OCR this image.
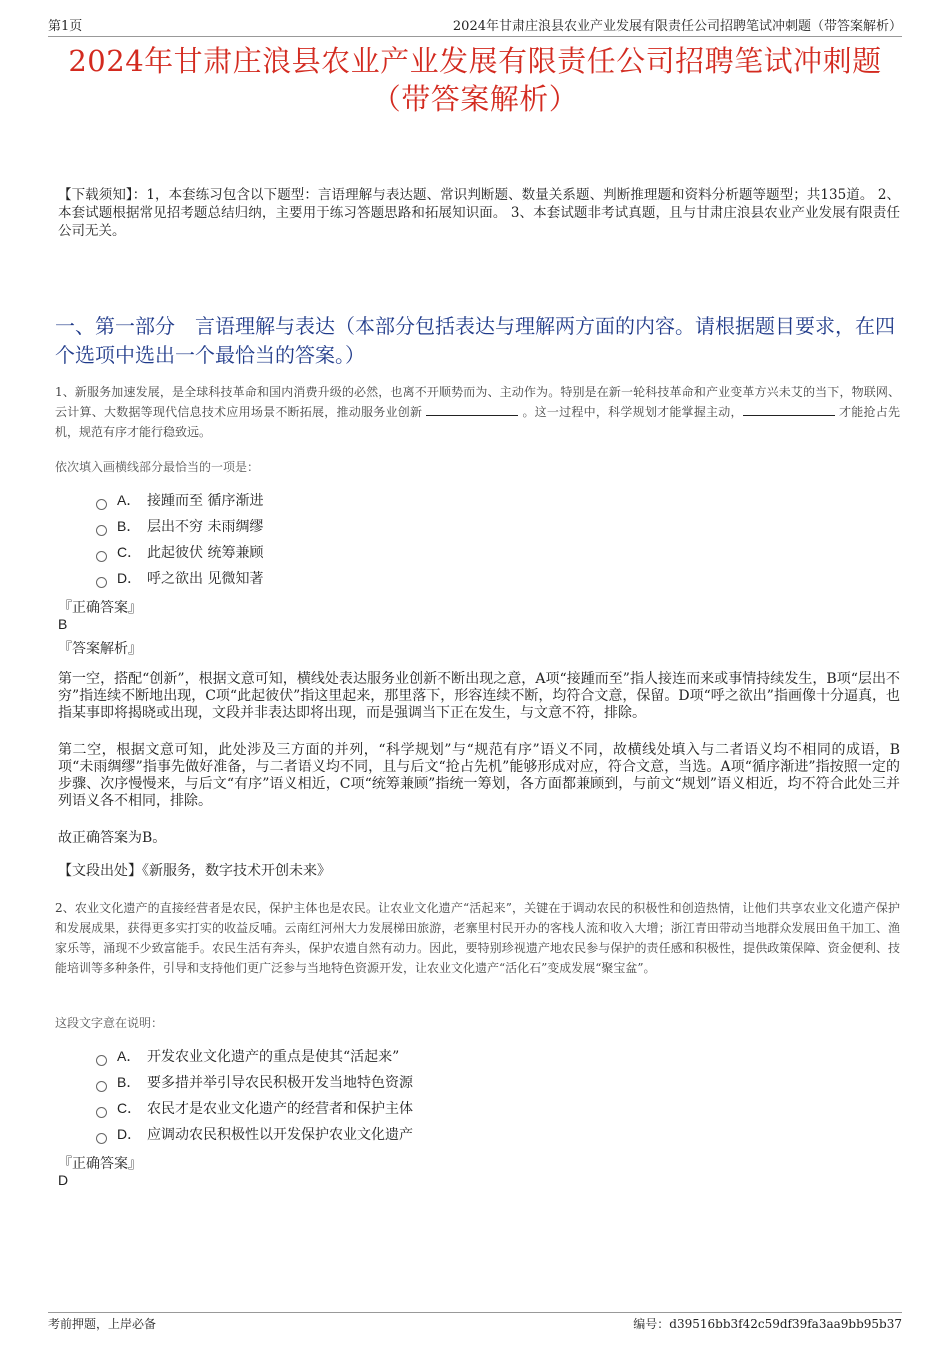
第1页	2024年甘肃庄浪县农业产业发展有限责任公司招聘笔试冲刺题（带答案解析）
2024年甘肃庄浪县农业产业发展有限责任公司招聘笔试冲刺题
（带答案解析）
【下载须知】：1，本套练习包含以下题型：言语理解与表达题、常识判断题、数量关系题、判断推理题和资料分析题等题型；共135道。 2、本套试题根据常见招考题总结归纳，主要用于练习答题思路和拓展知识面。 3、本套试题非考试真题，且与甘肃庄浪县农业产业发展有限责任公司无关。
一、第一部分　言语理解与表达（本部分包括表达与理解两方面的内容。请根据题目要求，在四个选项中选出一个最恰当的答案。）
1、新服务加速发展，是全球科技革命和国内消费升级的必然，也离不开顺势而为、主动作为。特别是在新一轮科技革命和产业变革方兴未艾的当下，物联网、云计算、大数据等现代信息技术应用场景不断拓展，推动服务业创新	。这一过程中，科学规划才能掌握主动，	才能抢占先机，规范有序才能行稳致远。
依次填入画横线部分最恰当的一项是：
A． 接踵而至 循序渐进
B． 层出不穷 未雨绸缪
C． 此起彼伏 统筹兼顾
D． 呼之欲出 见微知著
『正确答案』
B
『答案解析』
第一空，搭配“创新”，根据文意可知，横线处表达服务业创新不断出现之意，A项“接踵而至”指人接连而来或事情持续发生，B项“层出不穷”指连续不断地出现，C项“此起彼伏”指这里起来，那里落下，形容连续不断，均符合文意，保留。D项“呼之欲出”指画像十分逼真，也指某事即将揭晓或出现，文段并非表达即将出现，而是强调当下正在发生，与文意不符，排除。
第二空，根据文意可知，此处涉及三方面的并列，“科学规划”与“规范有序”语义不同，故横线处填入与二者语义均不相同的成语，B项“未雨绸缪”指事先做好准备，与二者语义均不同，且与后文“抢占先机”能够形成对应，符合文意，当选。A项“循序渐进”指按照一定的步骤、次序慢慢来，与后文“有序”语义相近，C项“统筹兼顾”指统一筹划，各方面都兼顾到，与前文“规划”语义相近，均不符合此处三并列语义各不相同，排除。
故正确答案为B。
【文段出处】《新服务，数字技术开创未来》
2、农业文化遗产的直接经营者是农民，保护主体也是农民。让农业文化遗产“活起来”，关键在于调动农民的积极性和创造热情，让他们共享农业文化遗产保护和发展成果，获得更多实打实的收益反哺。云南红河州大力发展梯田旅游，老寨里村民开办的客栈人流和收入大增；浙江青田带动当地群众发展田鱼干加工、渔家乐等，涌现不少致富能手。农民生活有奔头，保护农遗自然有动力。因此，要特别珍视遗产地农民参与保护的责任感和积极性，提供政策保障、资金便利、技能培训等多种条件，引导和支持他们更广泛参与当地特色资源开发，让农业文化遗产“活化石”变成发展“聚宝盆”。
这段文字意在说明：
A． 开发农业文化遗产的重点是使其“活起来”
B． 要多措并举引导农民积极开发当地特色资源
C． 农民才是农业文化遗产的经营者和保护主体
D． 应调动农民积极性以开发保护农业文化遗产
『正确答案』
D
考前押题，上岸必备	编号：d39516bb3f42c59df39fa3aa9bb95b37
